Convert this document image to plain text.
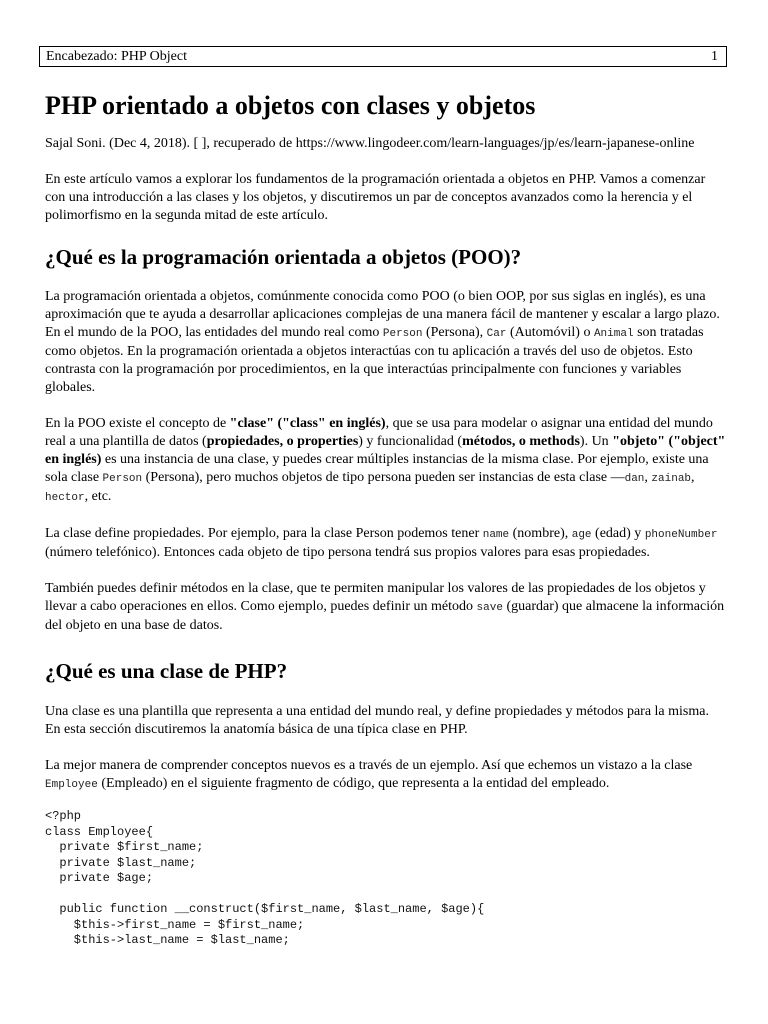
Encabezado: PHP Object	1
PHP orientado a objetos con clases y objetos

Sajal Soni. (Dec 4, 2018). [ ], recuperado de https://www.lingodeer.com/learn-languages/jp/es/learn-japanese-online

En este artículo vamos a explorar los fundamentos de la programación orientada a objetos en PHP. Vamos a comenzar con una introducción a las clases y los objetos, y discutiremos un par de conceptos avanzados como la herencia y el polimorfismo en la segunda mitad de este artículo.

¿Qué es la programación orientada a objetos (POO)?

La programación orientada a objetos, comúnmente conocida como POO (o bien OOP, por sus siglas en inglés), es una aproximación que te ayuda a desarrollar aplicaciones complejas de una manera fácil de mantener y escalar a largo plazo. En el mundo de la POO, las entidades del mundo real como Person (Persona), Car (Automóvil) o Animal son tratadas como objetos. En la programación orientada a objetos interactúas con tu aplicación a través del uso de objetos. Esto contrasta con la programación por procedimientos, en la que interactúas principalmente con funciones y variables globales.

En la POO existe el concepto de "clase" ("class" en inglés), que se usa para modelar o asignar una entidad del mundo real a una plantilla de datos (propiedades, o properties) y funcionalidad (métodos, o methods). Un "objeto" ("object" en inglés) es una instancia de una clase, y puedes crear múltiples instancias de la misma clase. Por ejemplo, existe una sola clase Person (Persona), pero muchos objetos de tipo persona pueden ser instancias de esta clase —dan, zainab, hector, etc.

La clase define propiedades. Por ejemplo, para la clase Person podemos tener name (nombre), age (edad) y phoneNumber (número telefónico). Entonces cada objeto de tipo persona tendrá sus propios valores para esas propiedades.

También puedes definir métodos en la clase, que te permiten manipular los valores de las propiedades de los objetos y llevar a cabo operaciones en ellos. Como ejemplo, puedes definir un método save (guardar) que almacene la información del objeto en una base de datos.

¿Qué es una clase de PHP?

Una clase es una plantilla que representa a una entidad del mundo real, y define propiedades y métodos para la misma. En esta sección discutiremos la anatomía básica de una típica clase en PHP.

La mejor manera de comprender conceptos nuevos es a través de un ejemplo. Así que echemos un vistazo a la clase Employee (Empleado) en el siguiente fragmento de código, que representa a la entidad del empleado.

<?php
class Employee{
private $first_name;
private $last_name;
private $age;

public function __construct($first_name, $last_name, $age){
$this->first_name = $first_name;
$this->last_name = $last_name;
